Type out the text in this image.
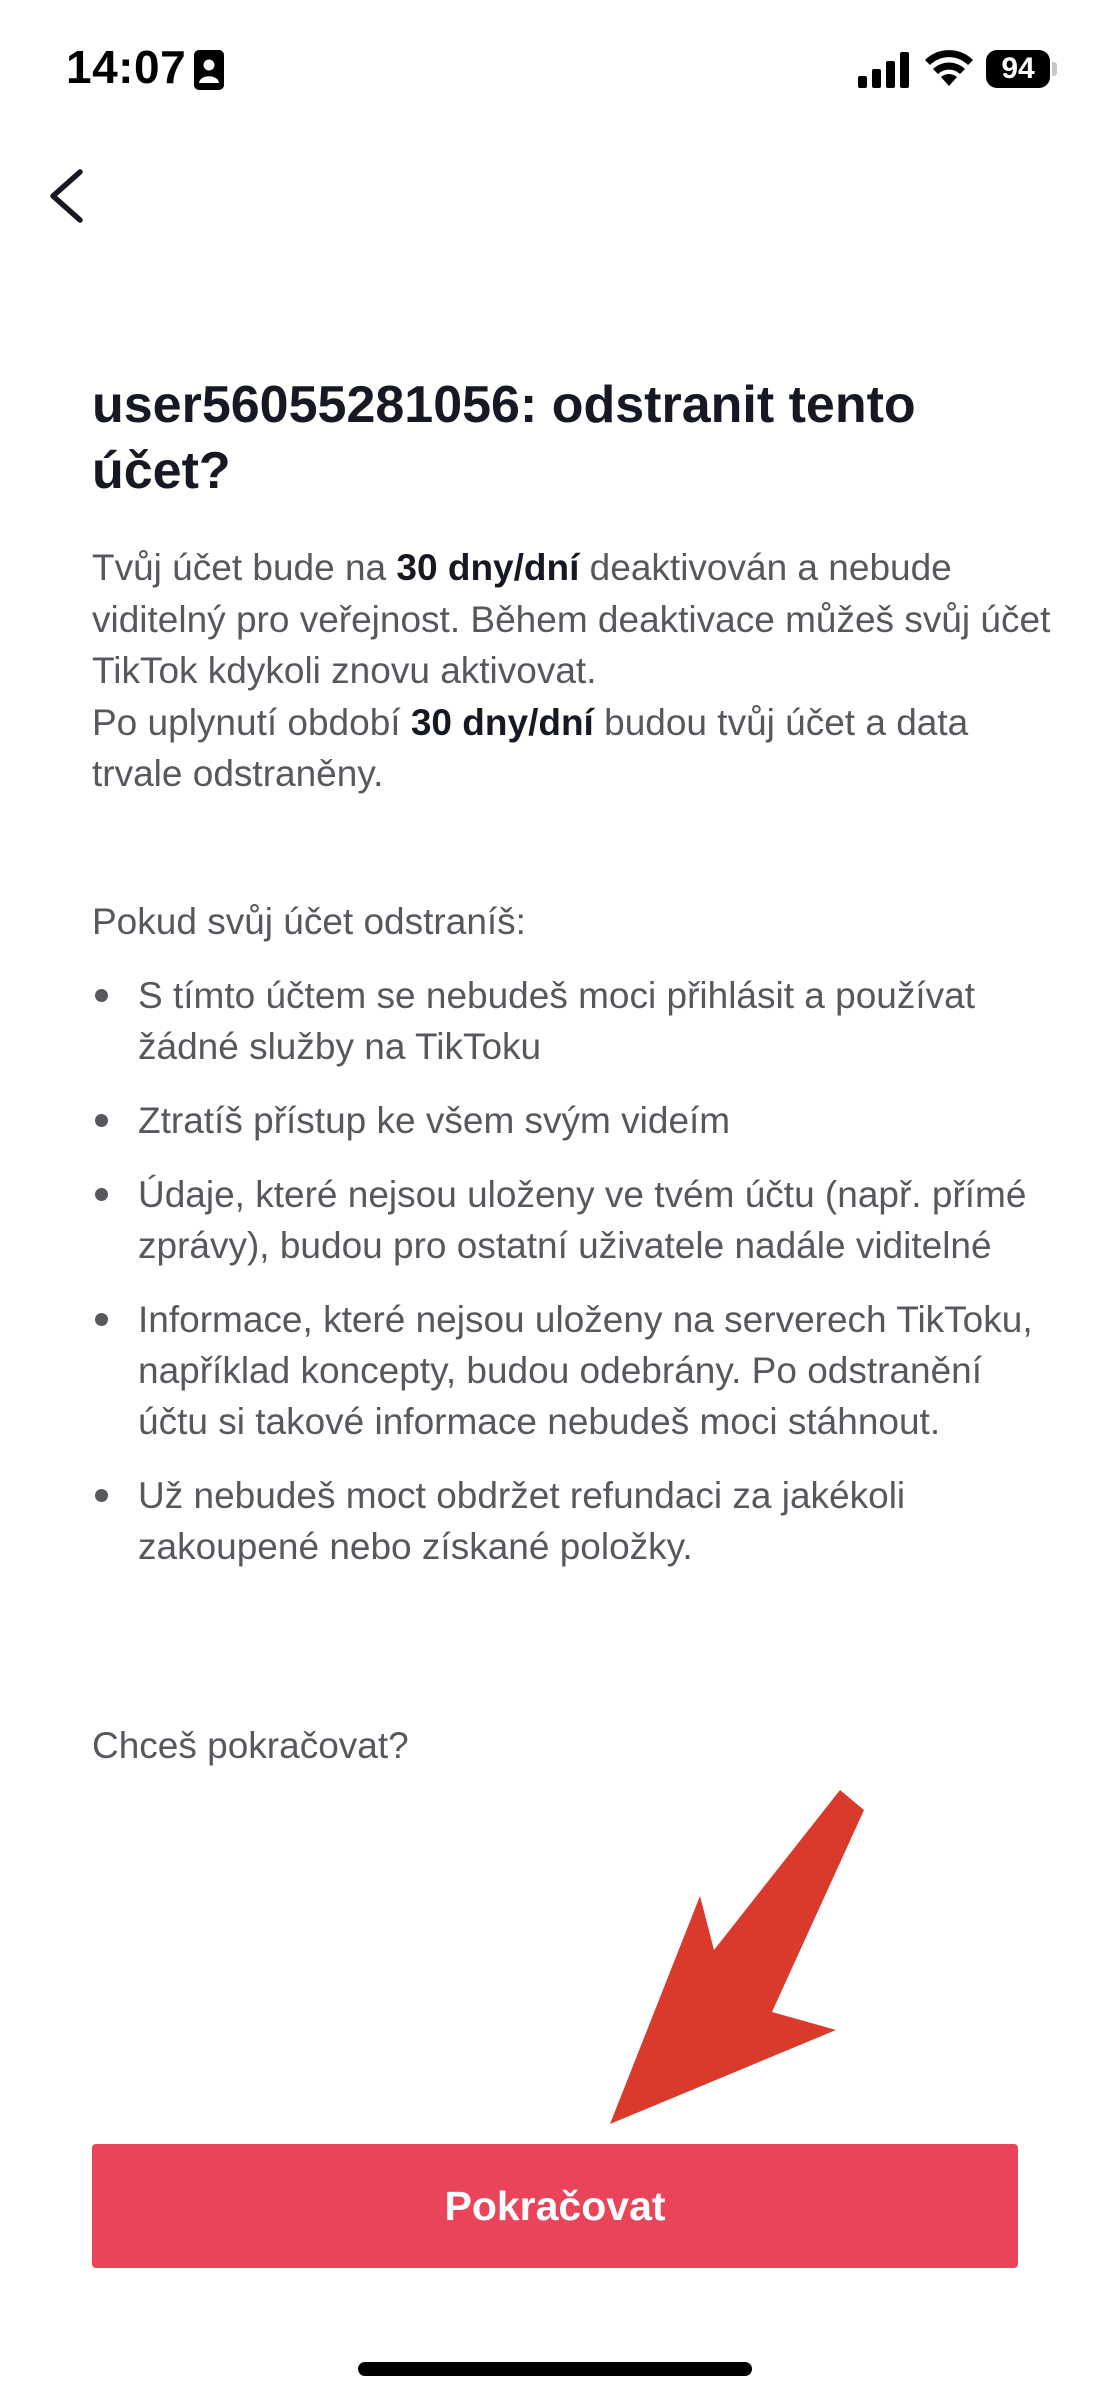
14:07	94
user56055281056: odstranit tento účet?

Tvůj účet bude na 30 dny/dní deaktivován a nebude viditelný pro veřejnost. Během deaktivace můžeš svůj účet TikTok kdykoli znovu aktivovat.
Po uplynutí období 30 dny/dní budou tvůj účet a data trvale odstraněny.

Pokud svůj účet odstraníš:

S tímto účtem se nebudeš moci přihlásit a používat žádné služby na TikToku
Ztratíš přístup ke všem svým videím
Údaje, které nejsou uloženy ve tvém účtu (např. přímé zprávy), budou pro ostatní uživatele nadále viditelné
Informace, které nejsou uloženy na serverech TikToku, například koncepty, budou odebrány. Po odstranění účtu si takové informace nebudeš moci stáhnout.
Už nebudeš moct obdržet refundaci za jakékoli zakoupené nebo získané položky.

Chceš pokračovat?

Pokračovat
